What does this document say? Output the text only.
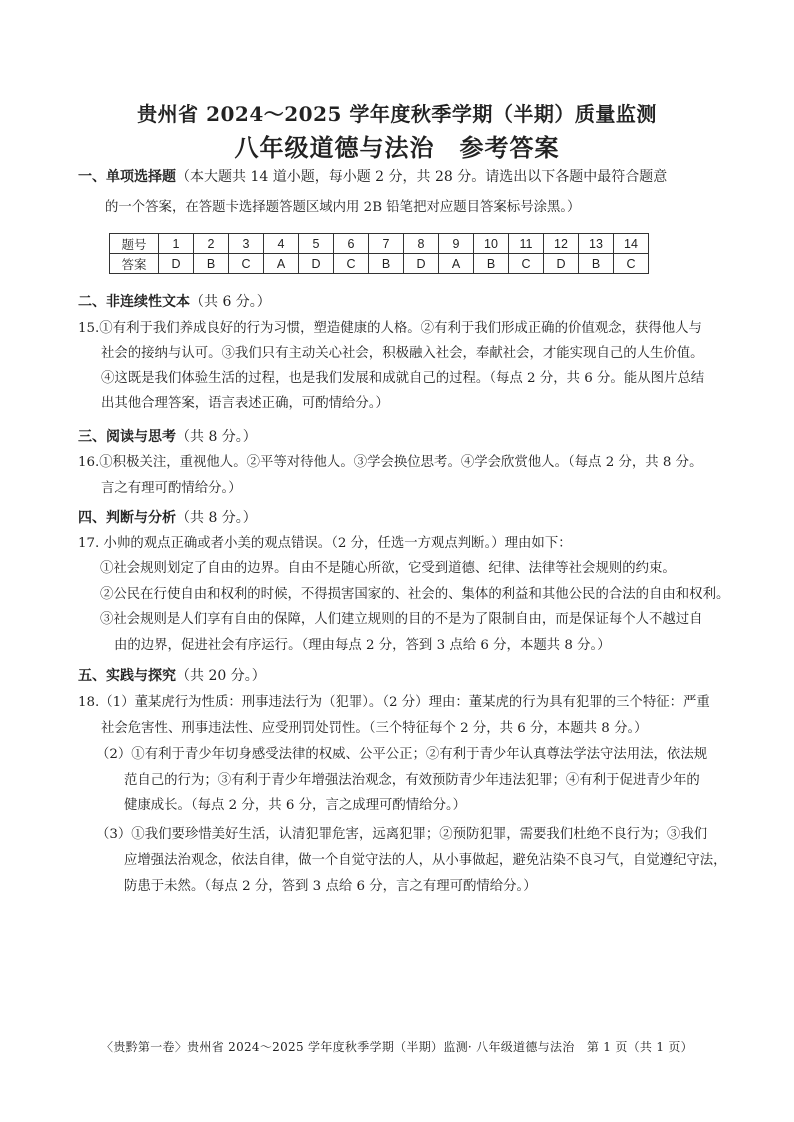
贵州省 2024～2025 学年度秋季学期（半期）质量监测
八年级道德与法治　参考答案
一、单项选择题（本大题共 14 道小题，每小题 2 分，共 28 分。请选出以下各题中最符合题意
的一个答案，在答题卡选择题答题区域内用 2B 铅笔把对应题目答案标号涂黑。）
题号	1	2	3	4	5	6	7	8	9	10	11	12	13	14
答案	D	B	C	A	D	C	B	D	A	B	C	D	B	C
二、非连续性文本（共 6 分。）
15.①有利于我们养成良好的行为习惯，塑造健康的人格。②有利于我们形成正确的价值观念，获得他人与
社会的接纳与认可。③我们只有主动关心社会，积极融入社会，奉献社会，才能实现自己的人生价值。
④这既是我们体验生活的过程，也是我们发展和成就自己的过程。（每点 2 分，共 6 分。能从图片总结
出其他合理答案，语言表述正确，可酌情给分。）
三、阅读与思考（共 8 分。）
16.①积极关注，重视他人。②平等对待他人。③学会换位思考。④学会欣赏他人。（每点 2 分，共 8 分。
言之有理可酌情给分。）
四、判断与分析（共 8 分。）
17. 小帅的观点正确或者小美的观点错误。（2 分，任选一方观点判断。）理由如下：
①社会规则划定了自由的边界。自由不是随心所欲，它受到道德、纪律、法律等社会规则的约束。
②公民在行使自由和权利的时候，不得损害国家的、社会的、集体的利益和其他公民的合法的自由和权利。
③社会规则是人们享有自由的保障，人们建立规则的目的不是为了限制自由，而是保证每个人不越过自
由的边界，促进社会有序运行。（理由每点 2 分，答到 3 点给 6 分，本题共 8 分。）
五、实践与探究（共 20 分。）
18.（1）董某虎行为性质：刑事违法行为（犯罪）。（2 分）理由：董某虎的行为具有犯罪的三个特征：严重
社会危害性、刑事违法性、应受刑罚处罚性。（三个特征每个 2 分，共 6 分，本题共 8 分。）
（2）①有利于青少年切身感受法律的权威、公平公正；②有利于青少年认真尊法学法守法用法，依法规
范自己的行为；③有利于青少年增强法治观念，有效预防青少年违法犯罪；④有利于促进青少年的
健康成长。（每点 2 分，共 6 分，言之成理可酌情给分。）
（3）①我们要珍惜美好生活，认清犯罪危害，远离犯罪；②预防犯罪，需要我们杜绝不良行为；③我们
应增强法治观念，依法自律，做一个自觉守法的人，从小事做起，避免沾染不良习气，自觉遵纪守法，
防患于未然。（每点 2 分，答到 3 点给 6 分，言之有理可酌情给分。）
〈贵黔第一卷〉贵州省 2024～2025 学年度秋季学期（半期）监测· 八年级道德与法治　第 1 页（共 1 页）
